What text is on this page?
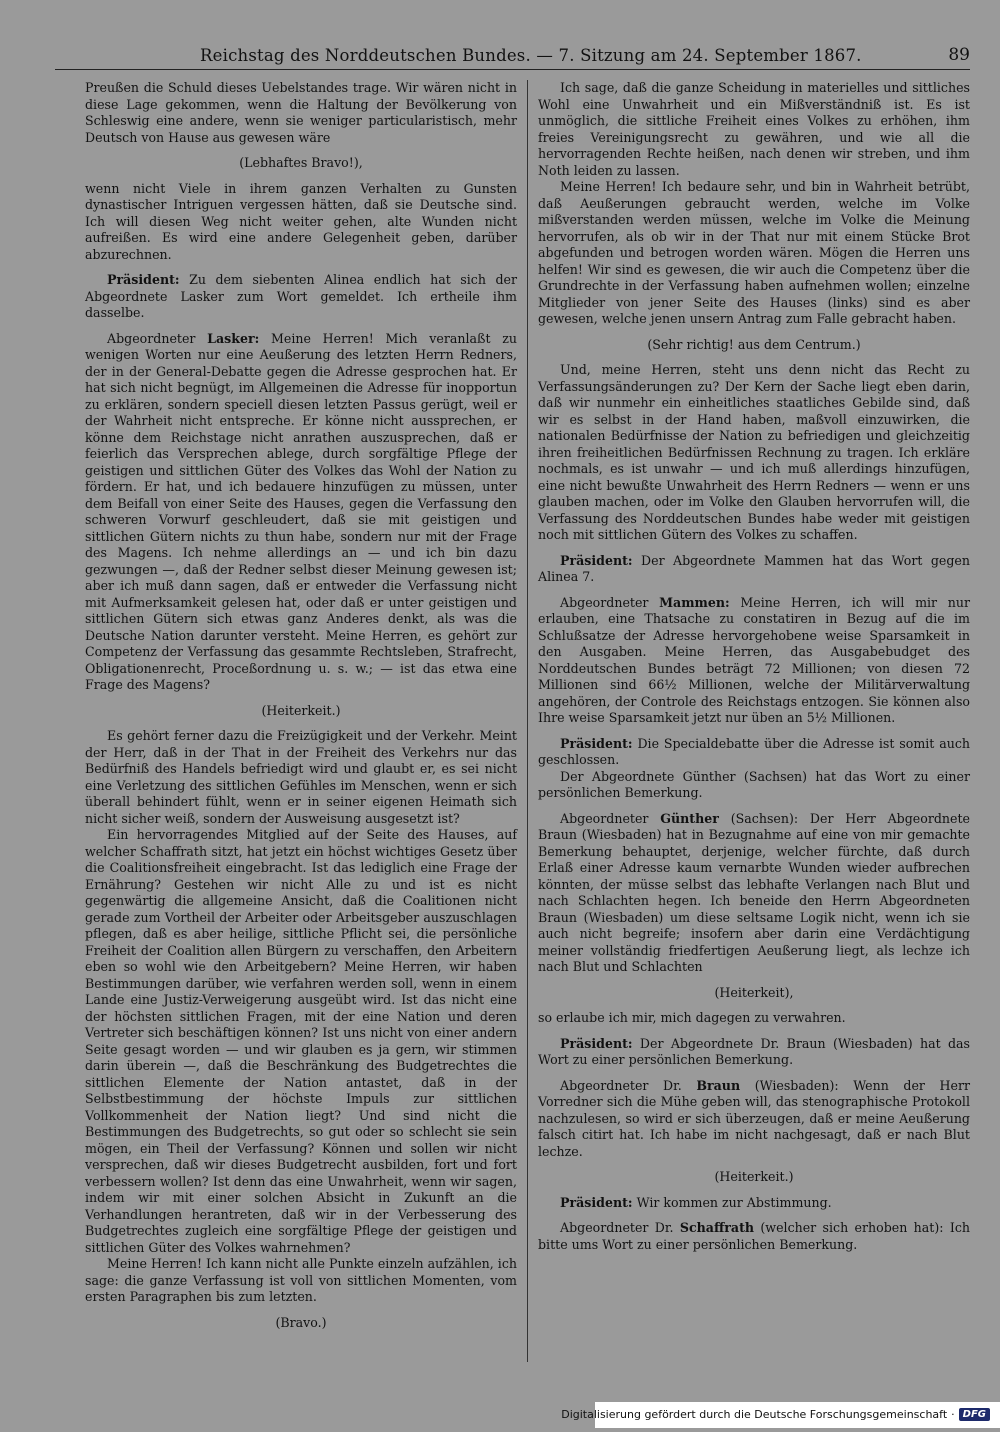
Reichstag des Norddeutschen Bundes. — 7. Sitzung am 24. September 1867.	89

Preußen die Schuld dieses Uebelstandes trage. Wir wären nicht in diese Lage gekommen, wenn die Haltung der Bevölkerung von Schleswig eine andere, wenn sie weniger particularistisch, mehr Deutsch von Hause aus gewesen wäre

(Lebhaftes Bravo!),

wenn nicht Viele in ihrem ganzen Verhalten zu Gunsten dynastischer Intriguen vergessen hätten, daß sie Deutsche sind. Ich will diesen Weg nicht weiter gehen, alte Wunden nicht aufreißen. Es wird eine andere Gelegenheit geben, darüber abzurechnen.

Präsident: Zu dem siebenten Alinea endlich hat sich der Abgeordnete Lasker zum Wort gemeldet. Ich ertheile ihm dasselbe.

Abgeordneter Lasker: Meine Herren! Mich veranlaßt zu wenigen Worten nur eine Aeußerung des letzten Herrn Redners, der in der General-Debatte gegen die Adresse gesprochen hat. Er hat sich nicht begnügt, im Allgemeinen die Adresse für inopportun zu erklären, sondern speciell diesen letzten Passus gerügt, weil er der Wahrheit nicht entspreche. Er könne nicht aussprechen, er könne dem Reichstage nicht anrathen auszusprechen, daß er feierlich das Versprechen ablege, durch sorgfältige Pflege der geistigen und sittlichen Güter des Volkes das Wohl der Nation zu fördern. Er hat, und ich bedauere hinzufügen zu müssen, unter dem Beifall von einer Seite des Hauses, gegen die Verfassung den schweren Vorwurf geschleudert, daß sie mit geistigen und sittlichen Gütern nichts zu thun habe, sondern nur mit der Frage des Magens. Ich nehme allerdings an — und ich bin dazu gezwungen —, daß der Redner selbst dieser Meinung gewesen ist; aber ich muß dann sagen, daß er entweder die Verfassung nicht mit Aufmerksamkeit gelesen hat, oder daß er unter geistigen und sittlichen Gütern sich etwas ganz Anderes denkt, als was die Deutsche Nation darunter versteht. Meine Herren, es gehört zur Competenz der Verfassung das gesammte Rechtsleben, Strafrecht, Obligationenrecht, Proceßordnung u. s. w.; — ist das etwa eine Frage des Magens?

(Heiterkeit.)

Es gehört ferner dazu die Freizügigkeit und der Verkehr. Meint der Herr, daß in der That in der Freiheit des Verkehrs nur das Bedürfniß des Handels befriedigt wird und glaubt er, es sei nicht eine Verletzung des sittlichen Gefühles im Menschen, wenn er sich überall behindert fühlt, wenn er in seiner eigenen Heimath sich nicht sicher weiß, sondern der Ausweisung ausgesetzt ist?

Ein hervorragendes Mitglied auf der Seite des Hauses, auf welcher Schaffrath sitzt, hat jetzt ein höchst wichtiges Gesetz über die Coalitionsfreiheit eingebracht. Ist das lediglich eine Frage der Ernährung? Gestehen wir nicht Alle zu und ist es nicht gegenwärtig die allgemeine Ansicht, daß die Coalitionen nicht gerade zum Vortheil der Arbeiter oder Arbeitsgeber auszuschlagen pflegen, daß es aber heilige, sittliche Pflicht sei, die persönliche Freiheit der Coalition allen Bürgern zu verschaffen, den Arbeitern eben so wohl wie den Arbeitgebern? Meine Herren, wir haben Bestimmungen darüber, wie verfahren werden soll, wenn in einem Lande eine Justiz-Verweigerung ausgeübt wird. Ist das nicht eine der höchsten sittlichen Fragen, mit der eine Nation und deren Vertreter sich beschäftigen können? Ist uns nicht von einer andern Seite gesagt worden — und wir glauben es ja gern, wir stimmen darin überein —, daß die Beschränkung des Budgetrechtes die sittlichen Elemente der Nation antastet, daß in der Selbstbestimmung der höchste Impuls zur sittlichen Vollkommenheit der Nation liegt? Und sind nicht die Bestimmungen des Budgetrechts, so gut oder so schlecht sie sein mögen, ein Theil der Verfassung? Können und sollen wir nicht versprechen, daß wir dieses Budgetrecht ausbilden, fort und fort verbessern wollen? Ist denn das eine Unwahrheit, wenn wir sagen, indem wir mit einer solchen Absicht in Zukunft an die Verhandlungen herantreten, daß wir in der Verbesserung des Budgetrechtes zugleich eine sorgfältige Pflege der geistigen und sittlichen Güter des Volkes wahrnehmen?

Meine Herren! Ich kann nicht alle Punkte einzeln aufzählen, ich sage: die ganze Verfassung ist voll von sittlichen Momenten, vom ersten Paragraphen bis zum letzten.

(Bravo.)

Ich sage, daß die ganze Scheidung in materielles und sittliches Wohl eine Unwahrheit und ein Mißverständniß ist. Es ist unmöglich, die sittliche Freiheit eines Volkes zu erhöhen, ihm freies Vereinigungsrecht zu gewähren, und wie all die hervorragenden Rechte heißen, nach denen wir streben, und ihm Noth leiden zu lassen.

Meine Herren! Ich bedaure sehr, und bin in Wahrheit betrübt, daß Aeußerungen gebraucht werden, welche im Volke mißverstanden werden müssen, welche im Volke die Meinung hervorrufen, als ob wir in der That nur mit einem Stücke Brot abgefunden und betrogen worden wären. Mögen die Herren uns helfen! Wir sind es gewesen, die wir auch die Competenz über die Grundrechte in der Verfassung haben aufnehmen wollen; einzelne Mitglieder von jener Seite des Hauses (links) sind es aber gewesen, welche jenen unsern Antrag zum Falle gebracht haben.

(Sehr richtig! aus dem Centrum.)

Und, meine Herren, steht uns denn nicht das Recht zu Verfassungsänderungen zu? Der Kern der Sache liegt eben darin, daß wir nunmehr ein einheitliches staatliches Gebilde sind, daß wir es selbst in der Hand haben, maßvoll einzuwirken, die nationalen Bedürfnisse der Nation zu befriedigen und gleichzeitig ihren freiheitlichen Bedürfnissen Rechnung zu tragen. Ich erkläre nochmals, es ist unwahr — und ich muß allerdings hinzufügen, eine nicht bewußte Unwahrheit des Herrn Redners — wenn er uns glauben machen, oder im Volke den Glauben hervorrufen will, die Verfassung des Norddeutschen Bundes habe weder mit geistigen noch mit sittlichen Gütern des Volkes zu schaffen.

Präsident: Der Abgeordnete Mammen hat das Wort gegen Alinea 7.

Abgeordneter Mammen: Meine Herren, ich will mir nur erlauben, eine Thatsache zu constatiren in Bezug auf die im Schlußsatze der Adresse hervorgehobene weise Sparsamkeit in den Ausgaben. Meine Herren, das Ausgabebudget des Norddeutschen Bundes beträgt 72 Millionen; von diesen 72 Millionen sind 66½ Millionen, welche der Militärverwaltung angehören, der Controle des Reichstags entzogen. Sie können also Ihre weise Sparsamkeit jetzt nur üben an 5½ Millionen.

Präsident: Die Specialdebatte über die Adresse ist somit auch geschlossen.

Der Abgeordnete Günther (Sachsen) hat das Wort zu einer persönlichen Bemerkung.

Abgeordneter Günther (Sachsen): Der Herr Abgeordnete Braun (Wiesbaden) hat in Bezugnahme auf eine von mir gemachte Bemerkung behauptet, derjenige, welcher fürchte, daß durch Erlaß einer Adresse kaum vernarbte Wunden wieder aufbrechen könnten, der müsse selbst das lebhafte Verlangen nach Blut und nach Schlachten hegen. Ich beneide den Herrn Abgeordneten Braun (Wiesbaden) um diese seltsame Logik nicht, wenn ich sie auch nicht begreife; insofern aber darin eine Verdächtigung meiner vollständig friedfertigen Aeußerung liegt, als lechze ich nach Blut und Schlachten

(Heiterkeit),

so erlaube ich mir, mich dagegen zu verwahren.

Präsident: Der Abgeordnete Dr. Braun (Wiesbaden) hat das Wort zu einer persönlichen Bemerkung.

Abgeordneter Dr. Braun (Wiesbaden): Wenn der Herr Vorredner sich die Mühe geben will, das stenographische Protokoll nachzulesen, so wird er sich überzeugen, daß er meine Aeußerung falsch citirt hat. Ich habe im nicht nachgesagt, daß er nach Blut lechze.

(Heiterkeit.)

Präsident: Wir kommen zur Abstimmung.

Abgeordneter Dr. Schaffrath (welcher sich erhoben hat): Ich bitte ums Wort zu einer persönlichen Bemerkung.

Digitalisierung gefördert durch die Deutsche Forschungsgemeinschaft · DFG
